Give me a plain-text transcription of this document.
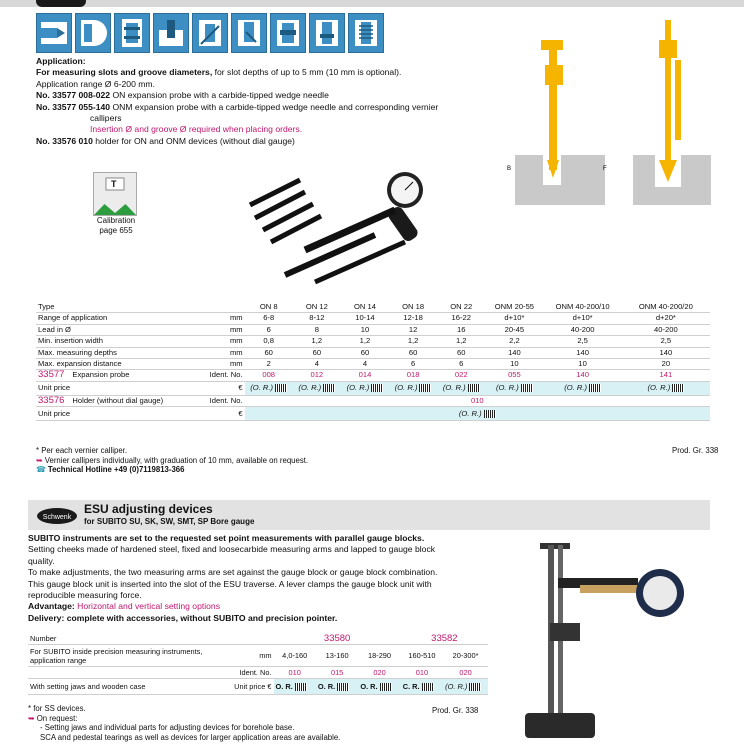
Application:

For measuring slots and groove diameters, for slot depths of up to 5 mm (10 mm is optional).

Application range Ø 6-200 mm.

No. 33577 008-022 ON expansion probe with a carbide-tipped wedge needle

No. 33577 055-140 ONM expansion probe with a carbide-tipped wedge needle and corresponding vernier

callipers

Insertion Ø and groove Ø required when placing orders.

No. 33576 010 holder for ON and ONM devices (without dial gauge)

T
Calibration
page 655
B	F
Type		ON 8	ON 12	ON 14	ON 18	ON 22	ONM 20-55	ONM 40-200/10	ONM 40-200/20
Range of application	mm	6-8	8-12	10-14	12-18	16-22	d+10*	d+10*	d+20*
Lead in Ø	mm	6	8	10	12	16	20-45	40-200	40-200
Min. insertion width	mm	0,8	1,2	1,2	1,2	1,2	2,2	2,5	2,5
Max. measuring depths	mm	60	60	60	60	60	140	140	140
Max. expansion distance	mm	2	4	4	6	6	10	10	20
33577 Expansion probe	Ident. No.	008	012	014	018	022	055	140	141
Unit price	€	(O. R.)	(O. R.)	(O. R.)	(O. R.)	(O. R.)	(O. R.)	(O. R.)	(O. R.)
33576 Holder (without dial gauge)	Ident. No.	010							
Unit price	€	(O. R.)							
* Per each vernier calliper.
➥ Vernier callipers individually, with graduation of 10 mm, available on request.
☎ Technical Hotline +49 (0)7119813-366
Prod. Gr. 338
Schwenk
ESU adjusting devices
for SUBITO SU, SK, SW, SMT, SP Bore gauge
SUBITO instruments are set to the requested set point measurements with parallel gauge blocks.
Setting cheeks made of hardened steel, fixed and loosecarbide measuring arms and lapped to gauge block
quality.
To make adjustments, the two measuring arms are set against the gauge block or gauge block combination.
This gauge block unit is inserted into the slot of the ESU traverse. A lever clamps the gauge block unit with
reproducible measuring force.
Advantage: Horizontal and vertical setting options
Delivery: complete with accessories, without SUBITO and precision pointer.
Number		33580			33582	

For SUBITO inside precision measuring instruments,
application range	mm	4,0-160	13-160	18-290	160-510	20-300*
	Ident. No.	010	015	020	010	020
With setting jaws and wooden case	Unit price €	O. R.	O. R.	O. R.	C. R.	(O. R.)
* for SS devices.
➥ On request:
- Setting jaws and individual parts for adjusting devices for borehole base.
SCA and pedestal tearings as well as devices for larger application areas are available.
Prod. Gr. 338
